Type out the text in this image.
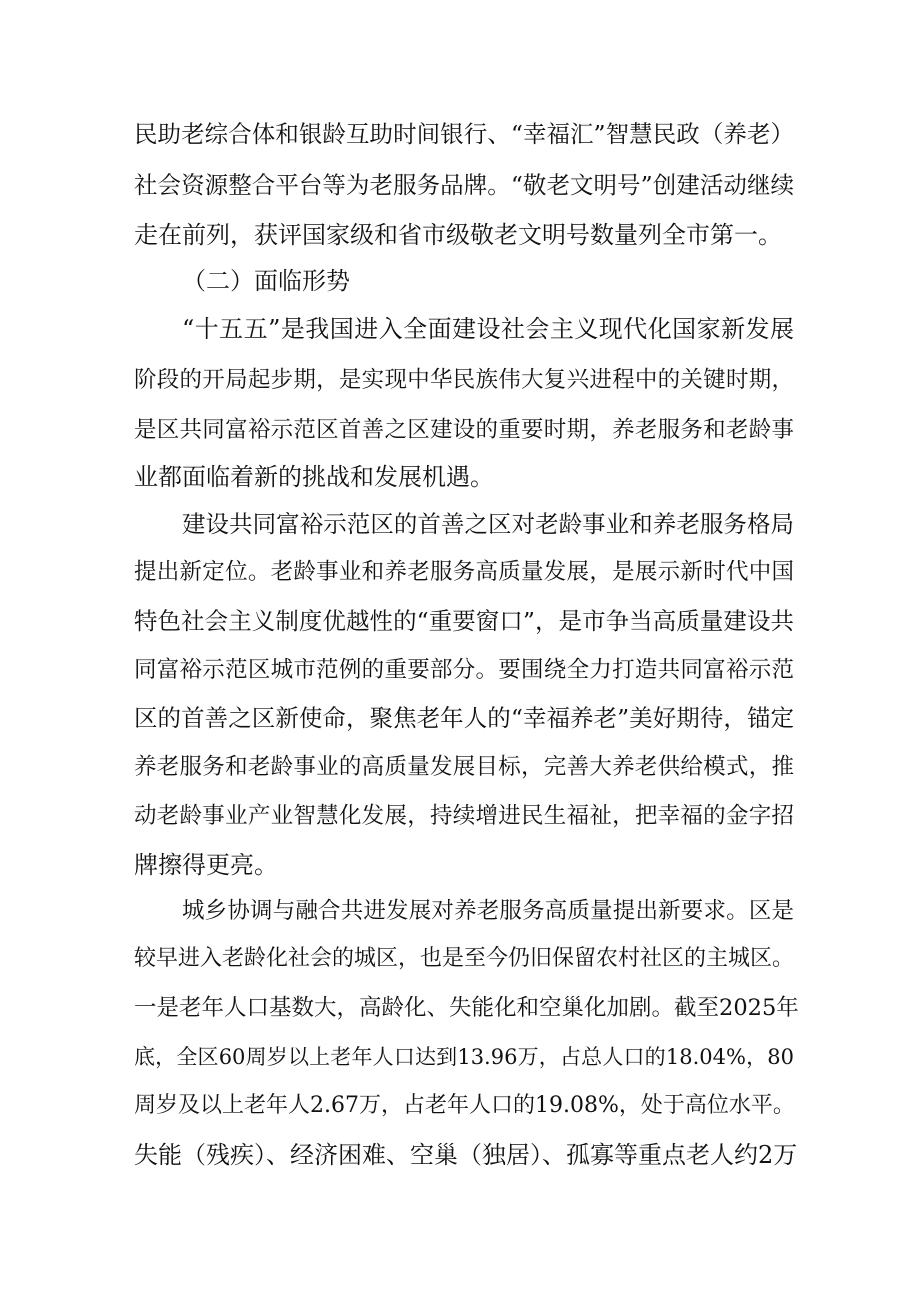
民助老综合体和银龄互助时间银行、“幸福汇”智慧民政（养老）
社会资源整合平台等为老服务品牌。“敬老文明号”创建活动继续
走在前列，获评国家级和省市级敬老文明号数量列全市第一。
（二）面临形势
“十五五”是我国进入全面建设社会主义现代化国家新发展
阶段的开局起步期，是实现中华民族伟大复兴进程中的关键时期，
是区共同富裕示范区首善之区建设的重要时期，养老服务和老龄事
业都面临着新的挑战和发展机遇。
建设共同富裕示范区的首善之区对老龄事业和养老服务格局
提出新定位。老龄事业和养老服务高质量发展，是展示新时代中国
特色社会主义制度优越性的“重要窗口”，是市争当高质量建设共
同富裕示范区城市范例的重要部分。要围绕全力打造共同富裕示范
区的首善之区新使命，聚焦老年人的“幸福养老”美好期待，锚定
养老服务和老龄事业的高质量发展目标，完善大养老供给模式，推
动老龄事业产业智慧化发展，持续增进民生福祉，把幸福的金字招
牌擦得更亮。
城乡协调与融合共进发展对养老服务高质量提出新要求。区是
较早进入老龄化社会的城区，也是至今仍旧保留农村社区的主城区。
一是老年人口基数大，高龄化、失能化和空巢化加剧。截至2025年
底，全区60周岁以上老年人口达到13.96万，占总人口的18.04%，80
周岁及以上老年人2.67万，占老年人口的19.08%，处于高位水平。
失能（残疾）、经济困难、空巢（独居）、孤寡等重点老人约2万
